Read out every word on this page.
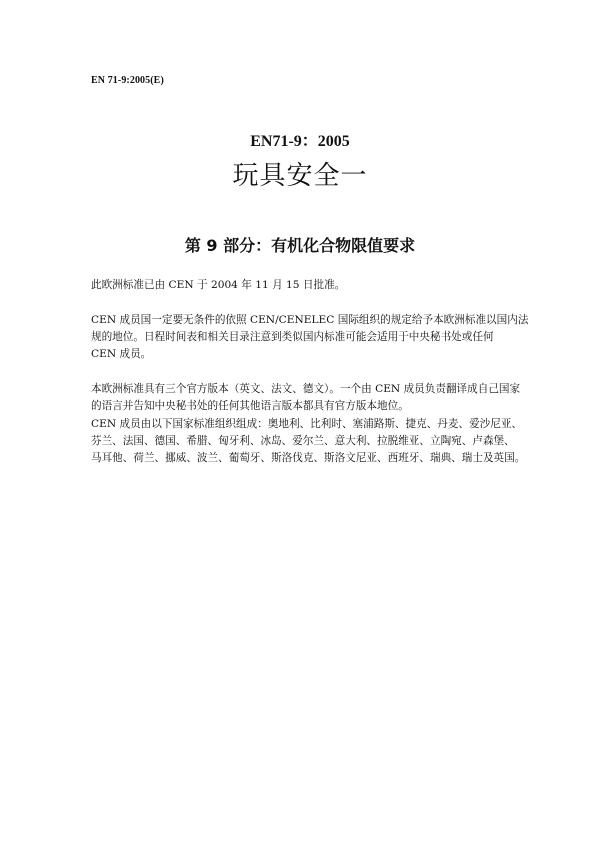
EN 71-9:2005(E)
EN71-9：2005
玩具安全一
第 9 部分：有机化合物限值要求
此欧洲标准已由 CEN 于 2004 年 11 月 15 日批准。
CEN 成员国一定要无条件的依照 CEN/CENELEC 国际组织的规定给予本欧洲标准以国内法
规的地位。日程时间表和相关目录注意到类似国内标准可能会适用于中央秘书处或任何
CEN 成员。
本欧洲标准具有三个官方版本（英文、法文、德文）。一个由 CEN 成员负责翻译成自己国家
的语言并告知中央秘书处的任何其他语言版本都具有官方版本地位。
CEN 成员由以下国家标准组织组成：奥地利、比利时、塞浦路斯、捷克、丹麦、爱沙尼亚、
芬兰、法国、德国、希腊、匈牙利、冰岛、爱尔兰、意大利、拉脱维亚、立陶宛、卢森堡、
马耳他、荷兰、挪威、波兰、葡萄牙、斯洛伐克、斯洛文尼亚、西班牙、瑞典、瑞士及英国。
